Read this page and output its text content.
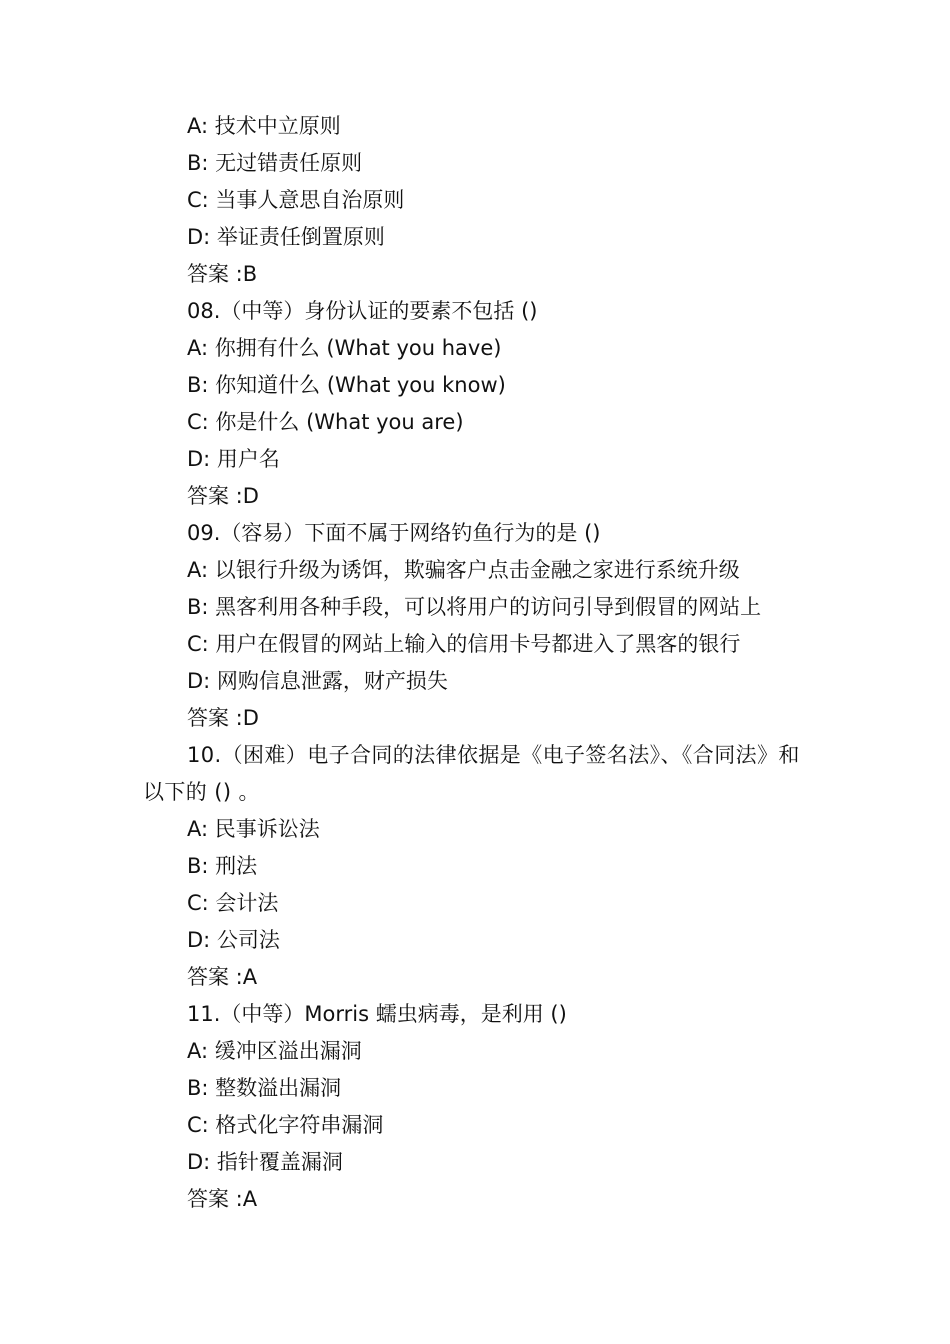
A: 技术中立原则
B: 无过错责任原则
C: 当事人意思自治原则
D: 举证责任倒置原则
答案 :B
08.（中等）身份认证的要素不包括 ()
A: 你拥有什么 (What you have)
B: 你知道什么 (What you know)
C: 你是什么 (What you are)
D: 用户名
答案 :D
09.（容易）下面不属于网络钓鱼行为的是 ()
A: 以银行升级为诱饵，欺骗客户点击金融之家进行系统升级
B: 黑客利用各种手段，可以将用户的访问引导到假冒的网站上
C: 用户在假冒的网站上输入的信用卡号都进入了黑客的银行
D: 网购信息泄露，财产损失
答案 :D
10.（困难）电子合同的法律依据是《电子签名法》、《合同法》和以下的 () 。
A: 民事诉讼法
B: 刑法
C: 会计法
D: 公司法
答案 :A
11.（中等）Morris 蠕虫病毒，是利用 ()
A: 缓冲区溢出漏洞
B: 整数溢出漏洞
C: 格式化字符串漏洞
D: 指针覆盖漏洞
答案 :A
